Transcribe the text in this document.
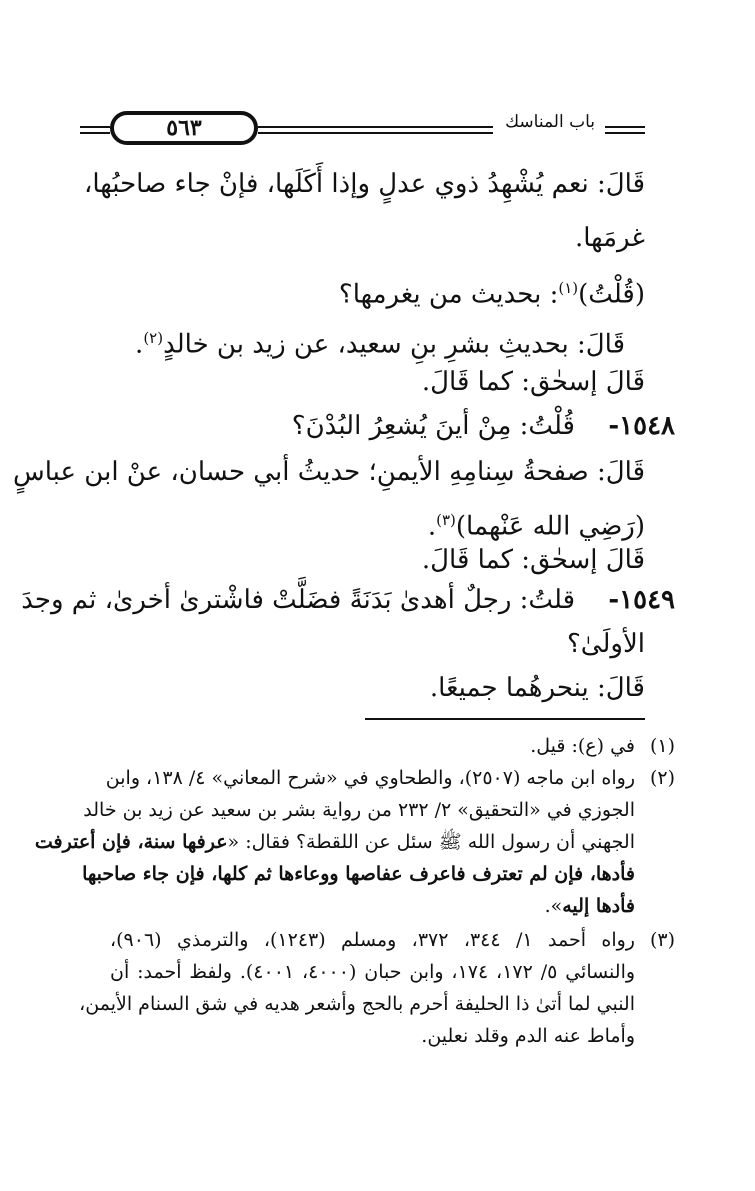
٥٦٣	باب المناسك
قَالَ: نعم يُشْهِدُ ذوي عدلٍ وإذا أَكَلَها، فإنْ جاء صاحبُها،
غرمَها.
(قُلْتُ)$^{(١)}$: بحديث من يغرمها؟
قَالَ: بحديثِ بشرِ بنِ سعيد، عن زيد بن خالدٍ$^{(٢)}$.
قَالَ إسحٰق: كما قَالَ.
١٥٤٨-
قُلْتُ: مِنْ أينَ يُشعِرُ البُدْنَ؟
قَالَ: صفحةُ سِنامِهِ الأيمنِ؛ حديثُ أبي حسان، عنْ ابن عباسٍ
(رَضِي الله عَنْهما)$^{(٣)}$.
قَالَ إسحٰق: كما قَالَ.
١٥٤٩-
قلتُ: رجلٌ أهدىٰ بَدَنَةً فضَلَّتْ فاشْترىٰ أخرىٰ، ثم وجدَ
الأولَىٰ؟
قَالَ: ينحرهُما جميعًا.
(١)
في (ع): قيل.
(٢)
رواه ابن ماجه (٢٥٠٧)، والطحاوي في «شرح المعاني» ٤/ ١٣٨، وابن
الجوزي في «التحقيق» ٢/ ٢٣٢ من رواية بشر بن سعيد عن زيد بن خالد
الجهني أن رسول الله ﷺ سئل عن اللقطة؟ فقال: «عرفها سنة، فإن أعترفت
فأدها، فإن لم تعترف فاعرف عفاصها ووعاءها ثم كلها، فإن جاء صاحبها
فأدها إليه».
(٣)
رواه أحمد ١/ ٣٤٤، ٣٧٢، ومسلم (١٢٤٣)، والترمذي (٩٠٦)،
والنسائي ٥/ ١٧٢، ١٧٤، وابن حبان (٤٠٠٠، ٤٠٠١). ولفظ أحمد: أن
النبي لما أتىٰ ذا الحليفة أحرم بالحج وأشعر هديه في شق السنام الأيمن،
وأماط عنه الدم وقلد نعلين.
